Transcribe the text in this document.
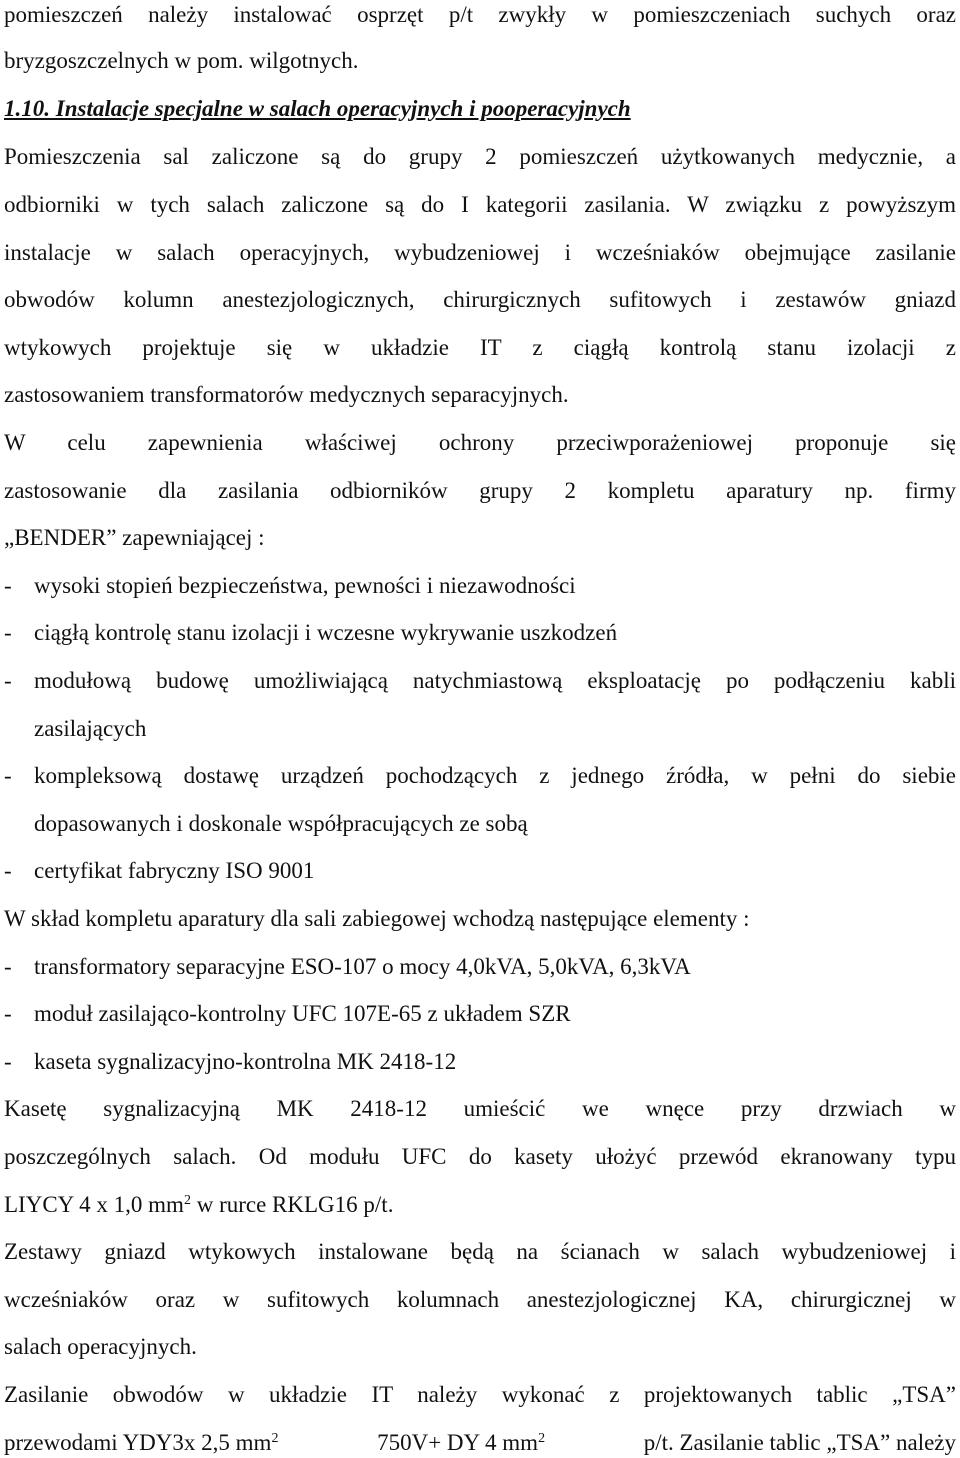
pomieszczeń należy instalować osprzęt p/t zwykły w pomieszczeniach suchych oraz
bryzgoszczelnych w pom. wilgotnych.
1.10. Instalacje specjalne w salach operacyjnych i pooperacyjnych
Pomieszczenia sal zaliczone są do grupy 2 pomieszczeń użytkowanych medycznie, a
odbiorniki w tych salach zaliczone są do I kategorii zasilania. W związku z powyższym
instalacje w salach operacyjnych, wybudzeniowej i wcześniaków obejmujące zasilanie
obwodów kolumn anestezjologicznych, chirurgicznych sufitowych i zestawów gniazd
wtykowych projektuje się w układzie IT z ciągłą kontrolą stanu izolacji z
zastosowaniem transformatorów medycznych separacyjnych.
W celu zapewnienia właściwej ochrony przeciwporażeniowej proponuje się
zastosowanie dla zasilania odbiorników grupy 2 kompletu aparatury np. firmy
„BENDER” zapewniającej :
- wysoki stopień bezpieczeństwa, pewności i niezawodności
- ciągłą kontrolę stanu izolacji i wczesne wykrywanie uszkodzeń
- modułową budowę umożliwiającą natychmiastową eksploatację po podłączeniu kabli
zasilających
- kompleksową dostawę urządzeń pochodzących z jednego źródła, w pełni do siebie
dopasowanych i doskonale współpracujących ze sobą
- certyfikat fabryczny ISO 9001
W skład kompletu aparatury dla sali zabiegowej wchodzą następujące elementy :
- transformatory separacyjne ESO-107 o mocy 4,0kVA, 5,0kVA, 6,3kVA
- moduł zasilająco-kontrolny UFC 107E-65 z układem SZR
- kaseta sygnalizacyjno-kontrolna MK 2418-12
Kasetę sygnalizacyjną MK 2418-12 umieścić we wnęce przy drzwiach w
poszczególnych salach. Od modułu UFC do kasety ułożyć przewód ekranowany typu
LIYCY 4 x 1,0 $mm^2$ w rurce RKLG16 p/t.
Zestawy gniazd wtykowych instalowane będą na ścianach w salach wybudzeniowej i
wcześniaków oraz w sufitowych kolumnach anestezjologicznej KA, chirurgicznej w
salach operacyjnych.
Zasilanie obwodów w układzie IT należy wykonać z projektowanych tablic „TSA”
przewodami YDY3x 2,5 $mm^2$	750V+ DY 4 $mm^2$	p/t. Zasilanie tablic „TSA” należy
